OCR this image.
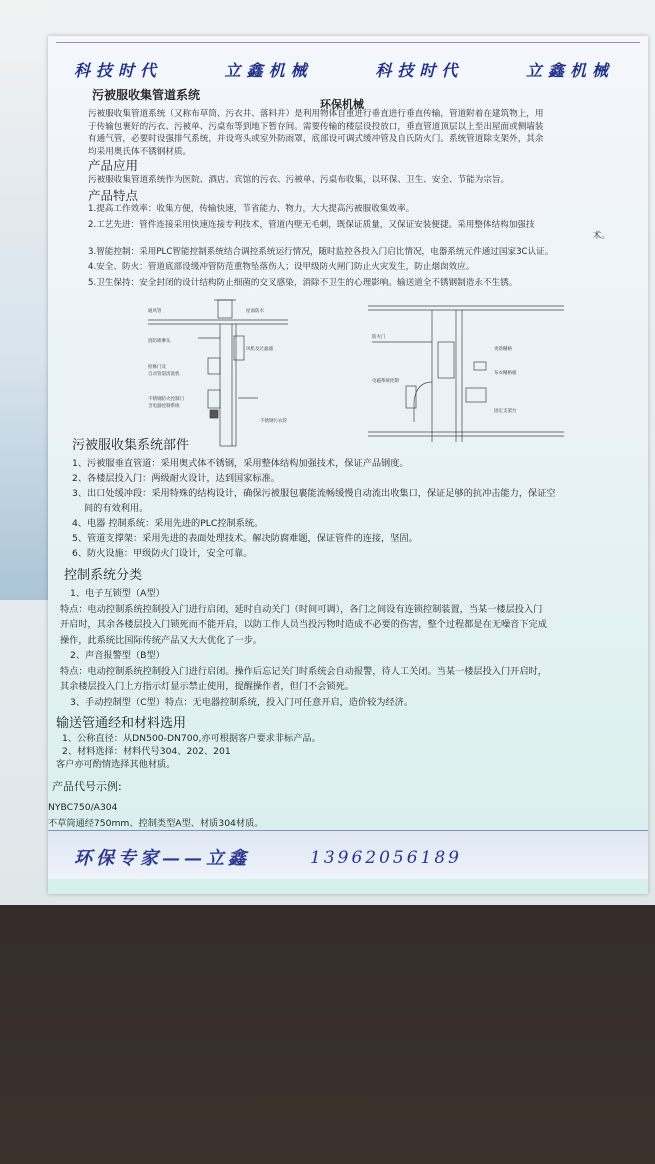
科技时代	立鑫机械	科技时代	立鑫机械
污被服收集管道系统
环保机械
污被服收集管道系统（又称布草筒、污衣井、落料井）是利用物体自重进行垂直进行垂直传输，管道附着在建筑物上，用
于传输包裹好的污衣、污被单、污桌布等到地下暂存间。需要传输的楼层设投放口，垂直管道顶层以上至出屋面或侧墙装
有通气管，必要时设强排气系统，并设弯头或室外防雨罩，底部设可调式缓冲管及自氏防火门。系统管道除支架外，其余
均采用奥氏体不锈钢材质。
产品应用
污被服收集管道系统作为医院、酒店、宾馆的污衣、污被单、污桌布收集，以环保、卫生、安全、节能为宗旨。
产品特点
1.提高工作效率：收集方便，传输快速，节省能力、物力，大大提高污被服收集效率。
2.工艺先进：管件连接采用快速连接专利技术，管道内壁无毛刺，既保证质量，又保证安装便捷。采用整体结构加强技
术。
3.智能控制：采用PLC智能控制系统结合调控系统运行情况，随时监控各投入门启比情况，电器系统元件通过国家3C认证。
4.安全、防火：管道底部设缓冲管防范重物坠落伤人；设甲级防火闸门防止火灾发生，防止烟囱效应。
5.卫生保持：安全封闭的设计结构防止细菌的交叉感染，消除不卫生的心理影响。输送道全不锈钢制造永不生锈。
通风管	屋面防水
消防喷淋头
风机及过滤器
检修门及
自动管道清洗机
不锈钢防火控制门
含电器控制系统
不锈钢污衣管
防火门
电磁系统控制
更新栅格
布衣栅格板
固定支架台
污被服收集系统部件
1、污被服垂直管道：采用奥式体不锈钢，采用整体结构加强技术，保证产品钢度。
2、各楼层投入门：两级耐火设计，达到国家标准。
3、出口处缓冲段：采用特殊的结构设计，确保污被服包裹能流畅缓慢自动流出收集口，保证足够的抗冲击能力，保证空
间的有效利用。
4、电器 控制系统：采用先进的PLC控制系统。
5、管道支撑架：采用先进的表面处理技术。解决防腐难题，保证管件的连接，坚固。
6、防火设施：甲级防火门设计，安全可靠。
控制系统分类
1、电子互锁型（A型）
特点：电动控制系统控制投入门进行启闭，延时自动关门（时间可调），各门之间设有连锁控制装置，当某一楼层投入门
开启时，其余各楼层投入门锁死而不能开启，以防工作人员当投污物时造成不必要的伤害，整个过程都是在无噪音下完成
操作，此系统比国际传统产品又大大优化了一步。
2、声音报警型（B型）
特点：电动控制系统控制投入门进行启闭。操作后忘记关门时系统会自动报警，待人工关闭。当某一楼层投入门开启时，
其余楼层投入门上方指示灯显示禁止使用，提醒操作者，但门不会锁死。
3、手动控制型（C型）特点：无电器控制系统，投入门可任意开启，造价较为经济。
输送管通经和材料选用
1、公称直径：从DN500-DN700,亦可根据客户要求非标产品。
2、材料选择：材料代号304、202、201
客户亦可酌情选择其他材质。
产品代号示例:
NYBC750/A304
不草筒通经750mm、控制类型A型、材质304材质。
环保专家——立鑫	13962056189
